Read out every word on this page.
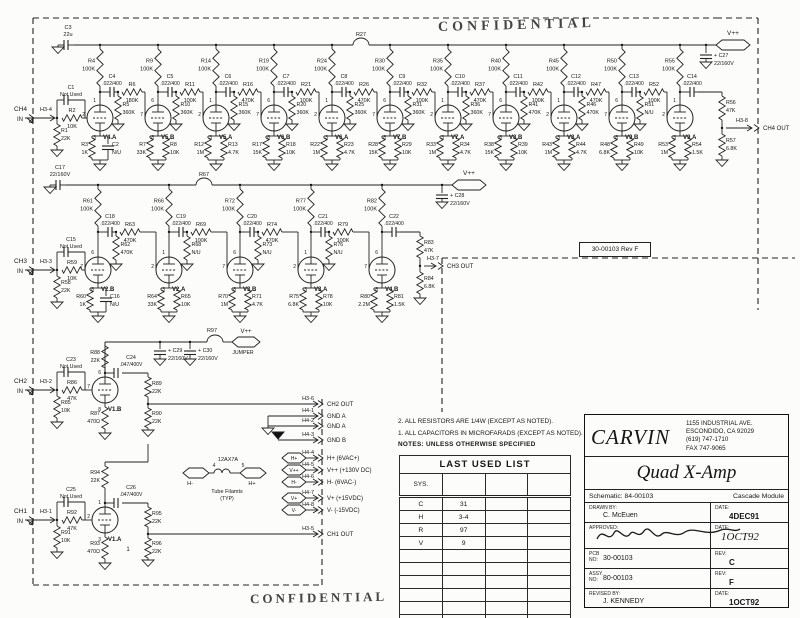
CH4
IN
H3-4	R2
10K
R1
22K
C1
Not Used
R27
C3
22u	V++
+ C27
22/160V
R4
100K
C4
.022/400
R5
360K
R6
180K
1
2
3 V4.A
R3
1K
C2
N/U
R9
100K
C5
.022/400
R10
360K
R11
100K
6
7
8 V5.B
R7
33K
R8
10K
R14
100K
C6
.022/400
R15
360K
R16
470K
1
2
3 V5.A
R12
1M
R13
4.7K
R19
100K
C7
.022/400
R20
360K
R21
100K
6
7
8 V6.B
R17
15K
R18
10K
R24
100K
C8
.022/400
R25
360K
R26
470K
1
2
3 V6.A
R22
1M
R23
4.7K
R30
100K
C9
.022/400
R31
360K
R32
100K
6
7
8 V7.B
R28
15K
R29
10K
R35
100K
C10
.022/400
R36
360K
R37
470K
1
2
3 V7.A
R33
1M
R34
4.7K
R40
100K
C11
.022/400
R41
470K
R42
100K
6
7
8 V8.B
R38
15K
R39
10K
R45
100K
C12
.022/400
R46
470K
R47
470K
1
2
3 V8.A
R43
1M
R44
4.7K
R50
100K
C13
.022/400
R51
N/U
R52
100K
6
7
8 V9.B
R48
6.8K
R49
10K
R55
100K
C14
.022/400
1
2
3 V9.A
R53
1M
R54
1.5K
R56
47K
H3-8
CH4 OUT
R57
6.8K
CH3
IN
H3-3	R59
10K
R58
22K
C15
Not Used
R67
C17
22/160V	V++
+ C28
22/160V
R61
100K
C18
.022/400
R62
470K
R63
470K
6
7
8 V2.B
R60
1K
C16
N/U
R66
100K
C19
.022/400
R68
N/U
R69
100K
1
2
3 V2.A
R64
33K
R65
10K
R72
100K
C20
.022/400
R73
N/U
R74
470K
6
7
8 V3.B
R70
1M
R71
4.7K
R77
100K
C21
.022/400
R76
N/U
R79
100K
1
2
3 V3.A
R75
6.8K
R78
10K
R82
100K
C22
.022/400
6
7
8 V4.B
R80
2.2M
R81
1.5K
R83
47K
H3-7
CH3 OUT
R84
6.8K
CH2
IN
H3-2	R86
47K
R85
10K
C23
Not Used
6
7
8 V1.B
R88
22K	C24
.047/400V
R89
22K
R90
22K
R87
470Ω
CH1
IN
H3-1	R92
47K
R91
10K
C25
Not Used
1
2
3 V1.A
R94
22K
C26
.047/400V
R95
22K
R96
22K
R93
470Ω	1
V++
R97
JUMPER
+ C29
22/160V
+ C30
22/160V
H-	H+
4
12AX7A
5
Tube Filamts
(TYP)
H3-6
CH2 OUT
H4-1
GND A
H4-2
GND A
H4-3
GND B
H4-4
H+ (6VAC+)
H+
H4-5
V++ (+130V DC)
V++
H4-6
H- (6VAC-)
H-
H4-7
V+ (+15VDC)
V+
H4-8
V- (-15VDC)
V-
H3-5
CH1 OUT
CONFIDENTIAL
CONFIDENTIAL
30-00103 Rev F
2. ALL RESISTORS ARE 1/4W (EXCEPT AS NOTED).
1. ALL CAPACITORS IN MICROFARADS (EXCEPT AS NOTED).
NOTES: UNLESS OTHERWISE SPECIFIED
LAST USED LIST			
SYS.			
C	31		
H	3-4		
R	97		
V	9		

CARVIN
1155 INDUSTRIAL AVE.
ESCONDIDO, CA 92029
(619) 747-1710
FAX 747-9065
Quad X-Amp
Schematic: 84-00103	Cascade Module
DRAWN BY:
C. McEuen
DATE:
4DEC91
APPROVED:	DATE:
1OCT92
PCB
NO: 30-00103
REV:
C
ASSY.
NO: 80-00103
REV:
F
REVISED BY:
J. KENNEDY
DATE:
1OCT92
